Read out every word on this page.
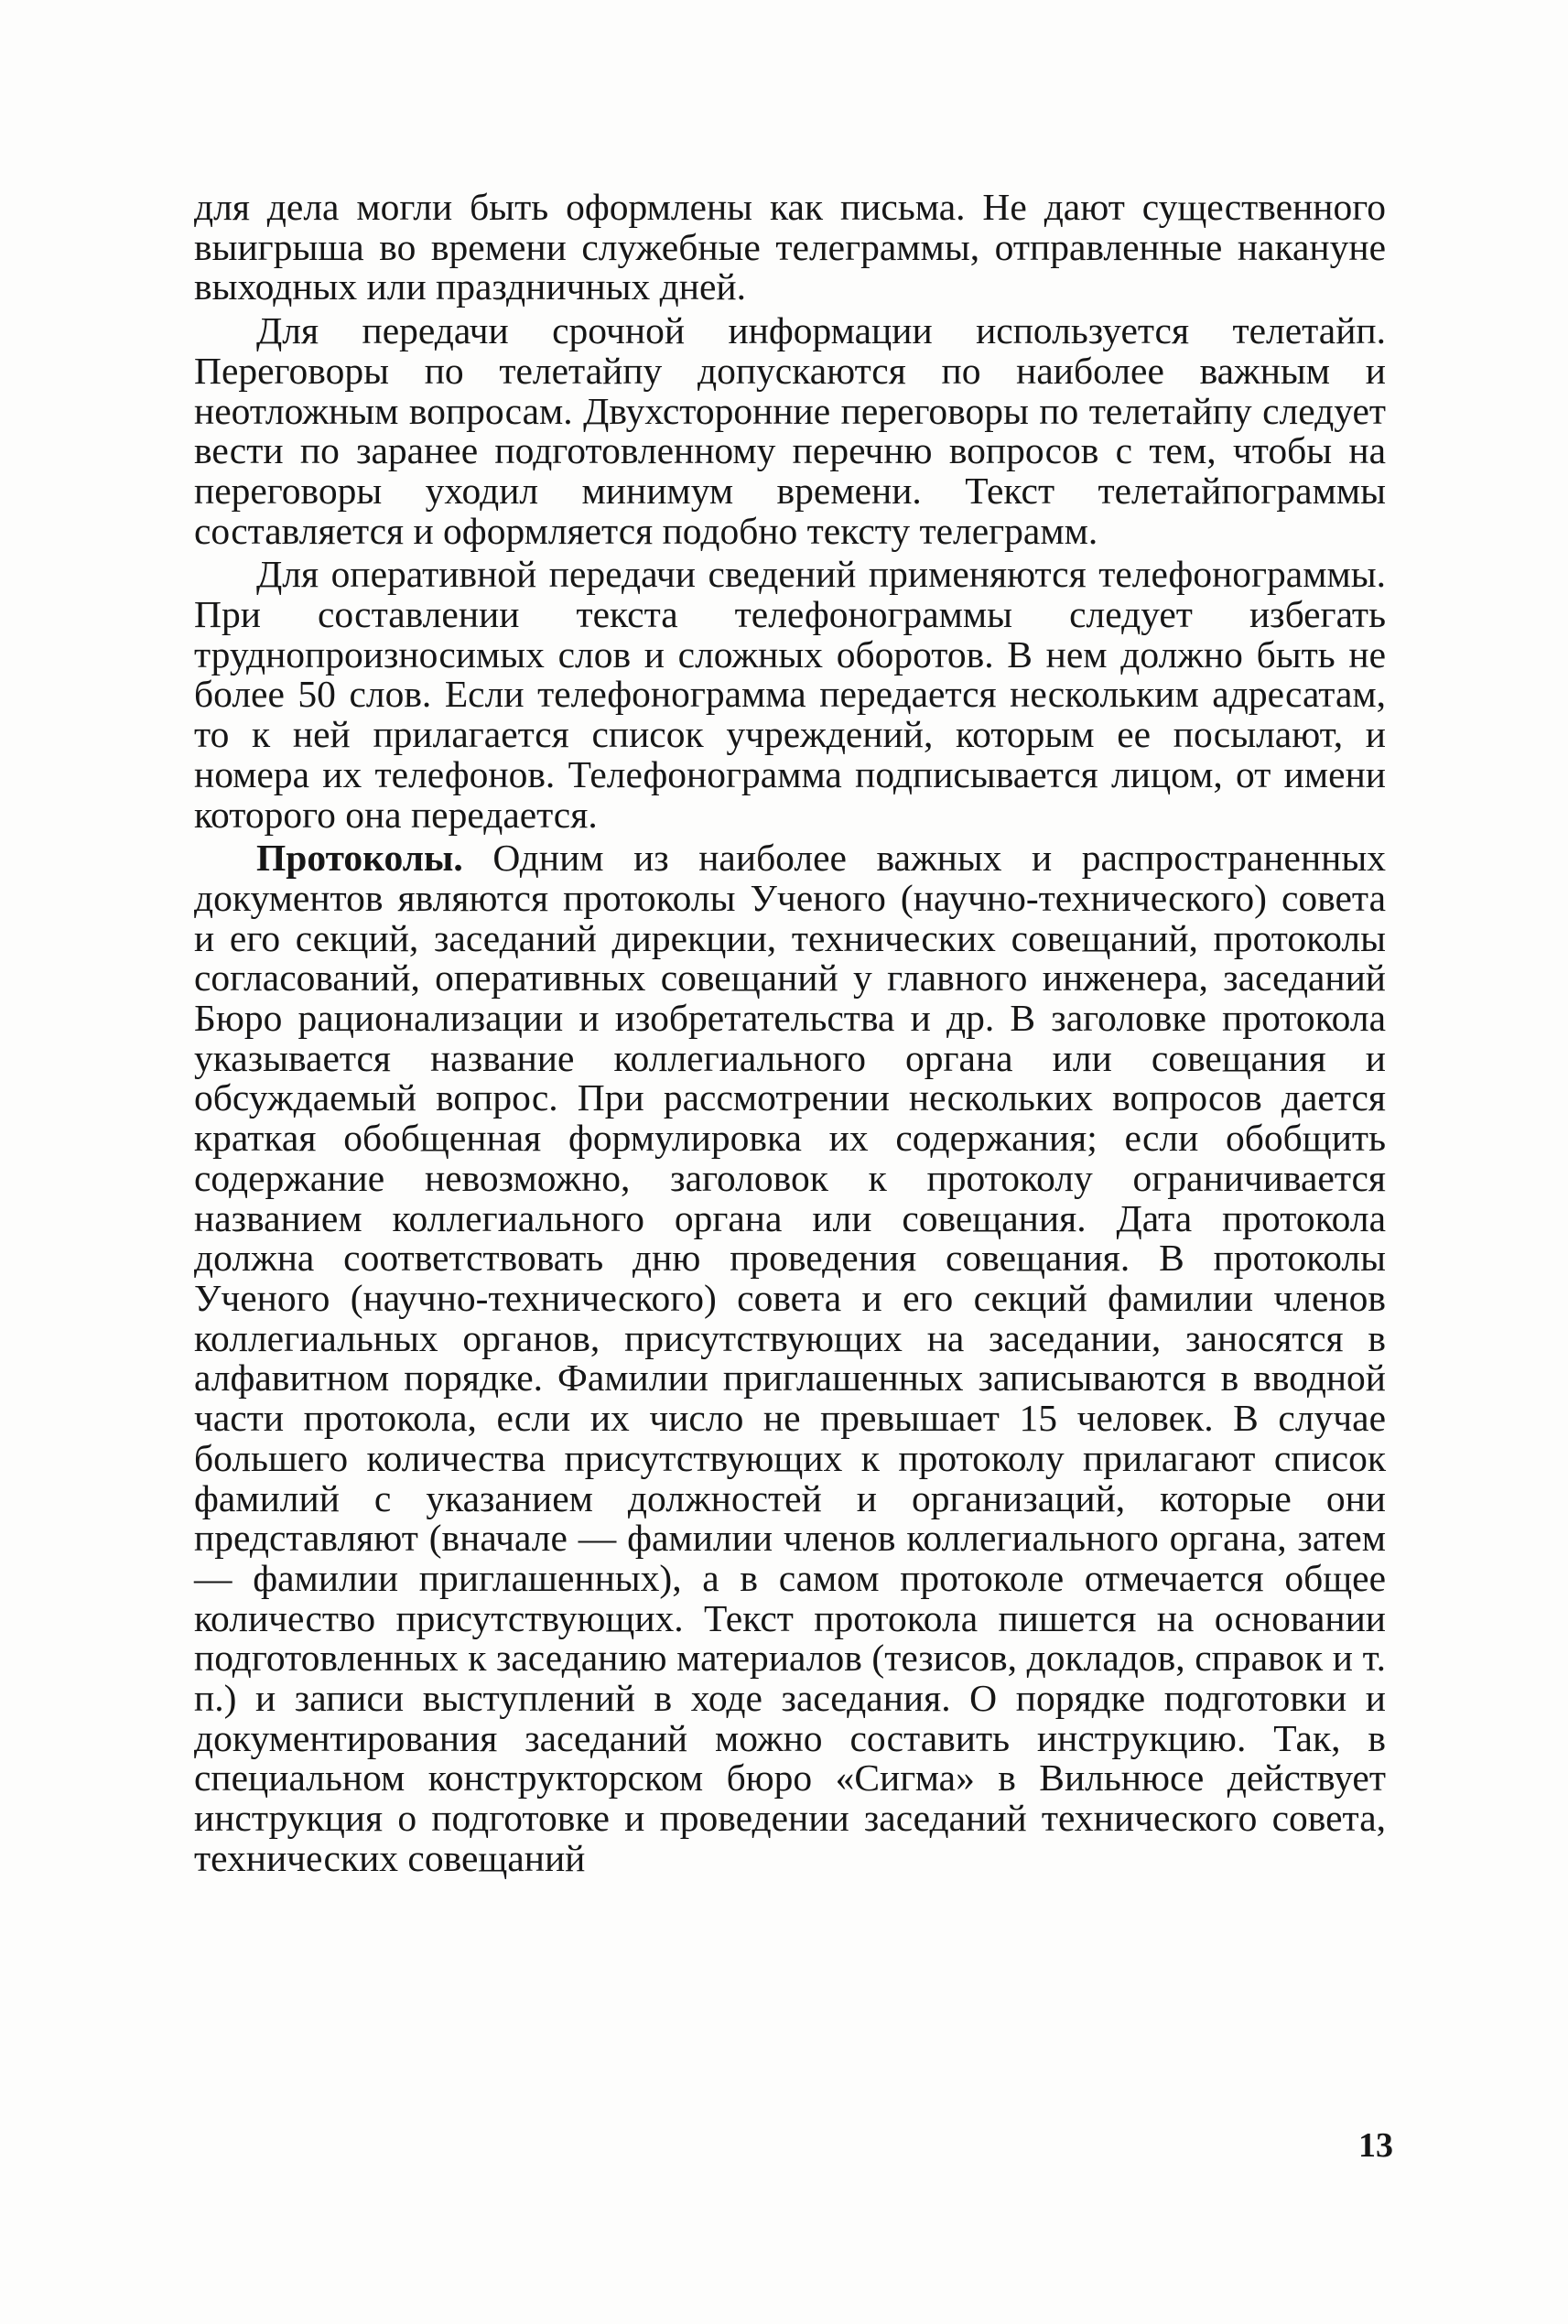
для дела могли быть оформлены как письма. Не дают существенного выигрыша во времени служебные телеграммы, отправленные накануне выходных или праздничных дней.

Для передачи срочной информации используется телетайп. Переговоры по телетайпу допускаются по наиболее важным и неотложным вопросам. Двухсторонние переговоры по телетайпу следует вести по заранее подготовленному перечню вопросов с тем, чтобы на переговоры уходил минимум времени. Текст телетайпограммы составляется и оформляется подобно тексту телеграмм.

Для оперативной передачи сведений применяются телефонограммы. При составлении текста телефонограммы следует избегать труднопроизносимых слов и сложных оборотов. В нем должно быть не более 50 слов. Если телефонограмма передается нескольким адресатам, то к ней прилагается список учреждений, которым ее посылают, и номера их телефонов. Телефонограмма подписывается лицом, от имени которого она передается.

Протоколы. Одним из наиболее важных и распространенных документов являются протоколы Ученого (научно-технического) совета и его секций, заседаний дирекции, технических совещаний, протоколы согласований, оперативных совещаний у главного инженера, заседаний Бюро рационализации и изобретательства и др. В заголовке протокола указывается название коллегиального органа или совещания и обсуждаемый вопрос. При рассмотрении нескольких вопросов дается краткая обобщенная формулировка их содержания; если обобщить содержание невозможно, заголовок к протоколу ограничивается названием коллегиального органа или совещания. Дата протокола должна соответствовать дню проведения совещания. В протоколы Ученого (научно-технического) совета и его секций фамилии членов коллегиальных органов, присутствующих на заседании, заносятся в алфавитном порядке. Фамилии приглашенных записываются в вводной части протокола, если их число не превышает 15 человек. В случае большего количества присутствующих к протоколу прилагают список фамилий с указанием должностей и организаций, которые они представляют (вначале — фамилии членов коллегиального органа, затем — фамилии приглашенных), а в самом протоколе отмечается общее количество присутствующих. Текст протокола пишется на основании подготовленных к заседанию материалов (тезисов, докладов, справок и т. п.) и записи выступлений в ходе заседания. О порядке подготовки и документирования заседаний можно составить инструкцию. Так, в специальном конструкторском бюро «Сигма» в Вильнюсе действует инструкция о подготовке и проведении заседаний технического совета, технических совещаний

13
